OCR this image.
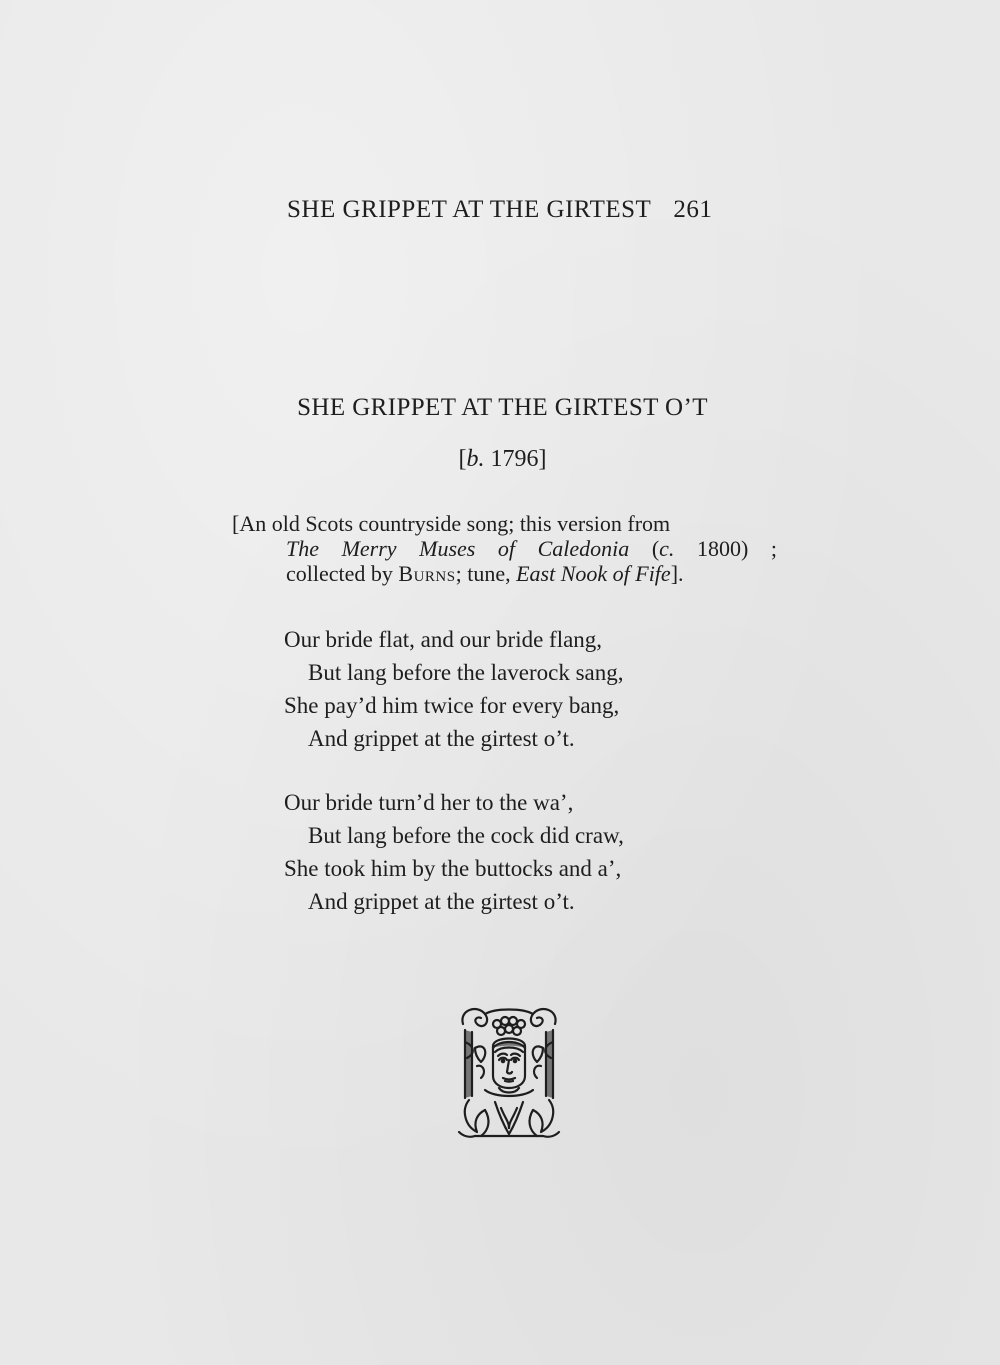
SHE GRIPPET AT THE GIRTEST 261
SHE GRIPPET AT THE GIRTEST O’T
[b. 1796]
[An old Scots countryside song; this version from
The Merry Muses of Caledonia (c. 1800) ;
collected by Burns; tune, East Nook of Fife].
Our bride flat, and our bride flang,
But lang before the laverock sang,
She pay’d him twice for every bang,
And grippet at the girtest o’t.
Our bride turn’d her to the wa’,
But lang before the cock did craw,
She took him by the buttocks and a’,
And grippet at the girtest o’t.
